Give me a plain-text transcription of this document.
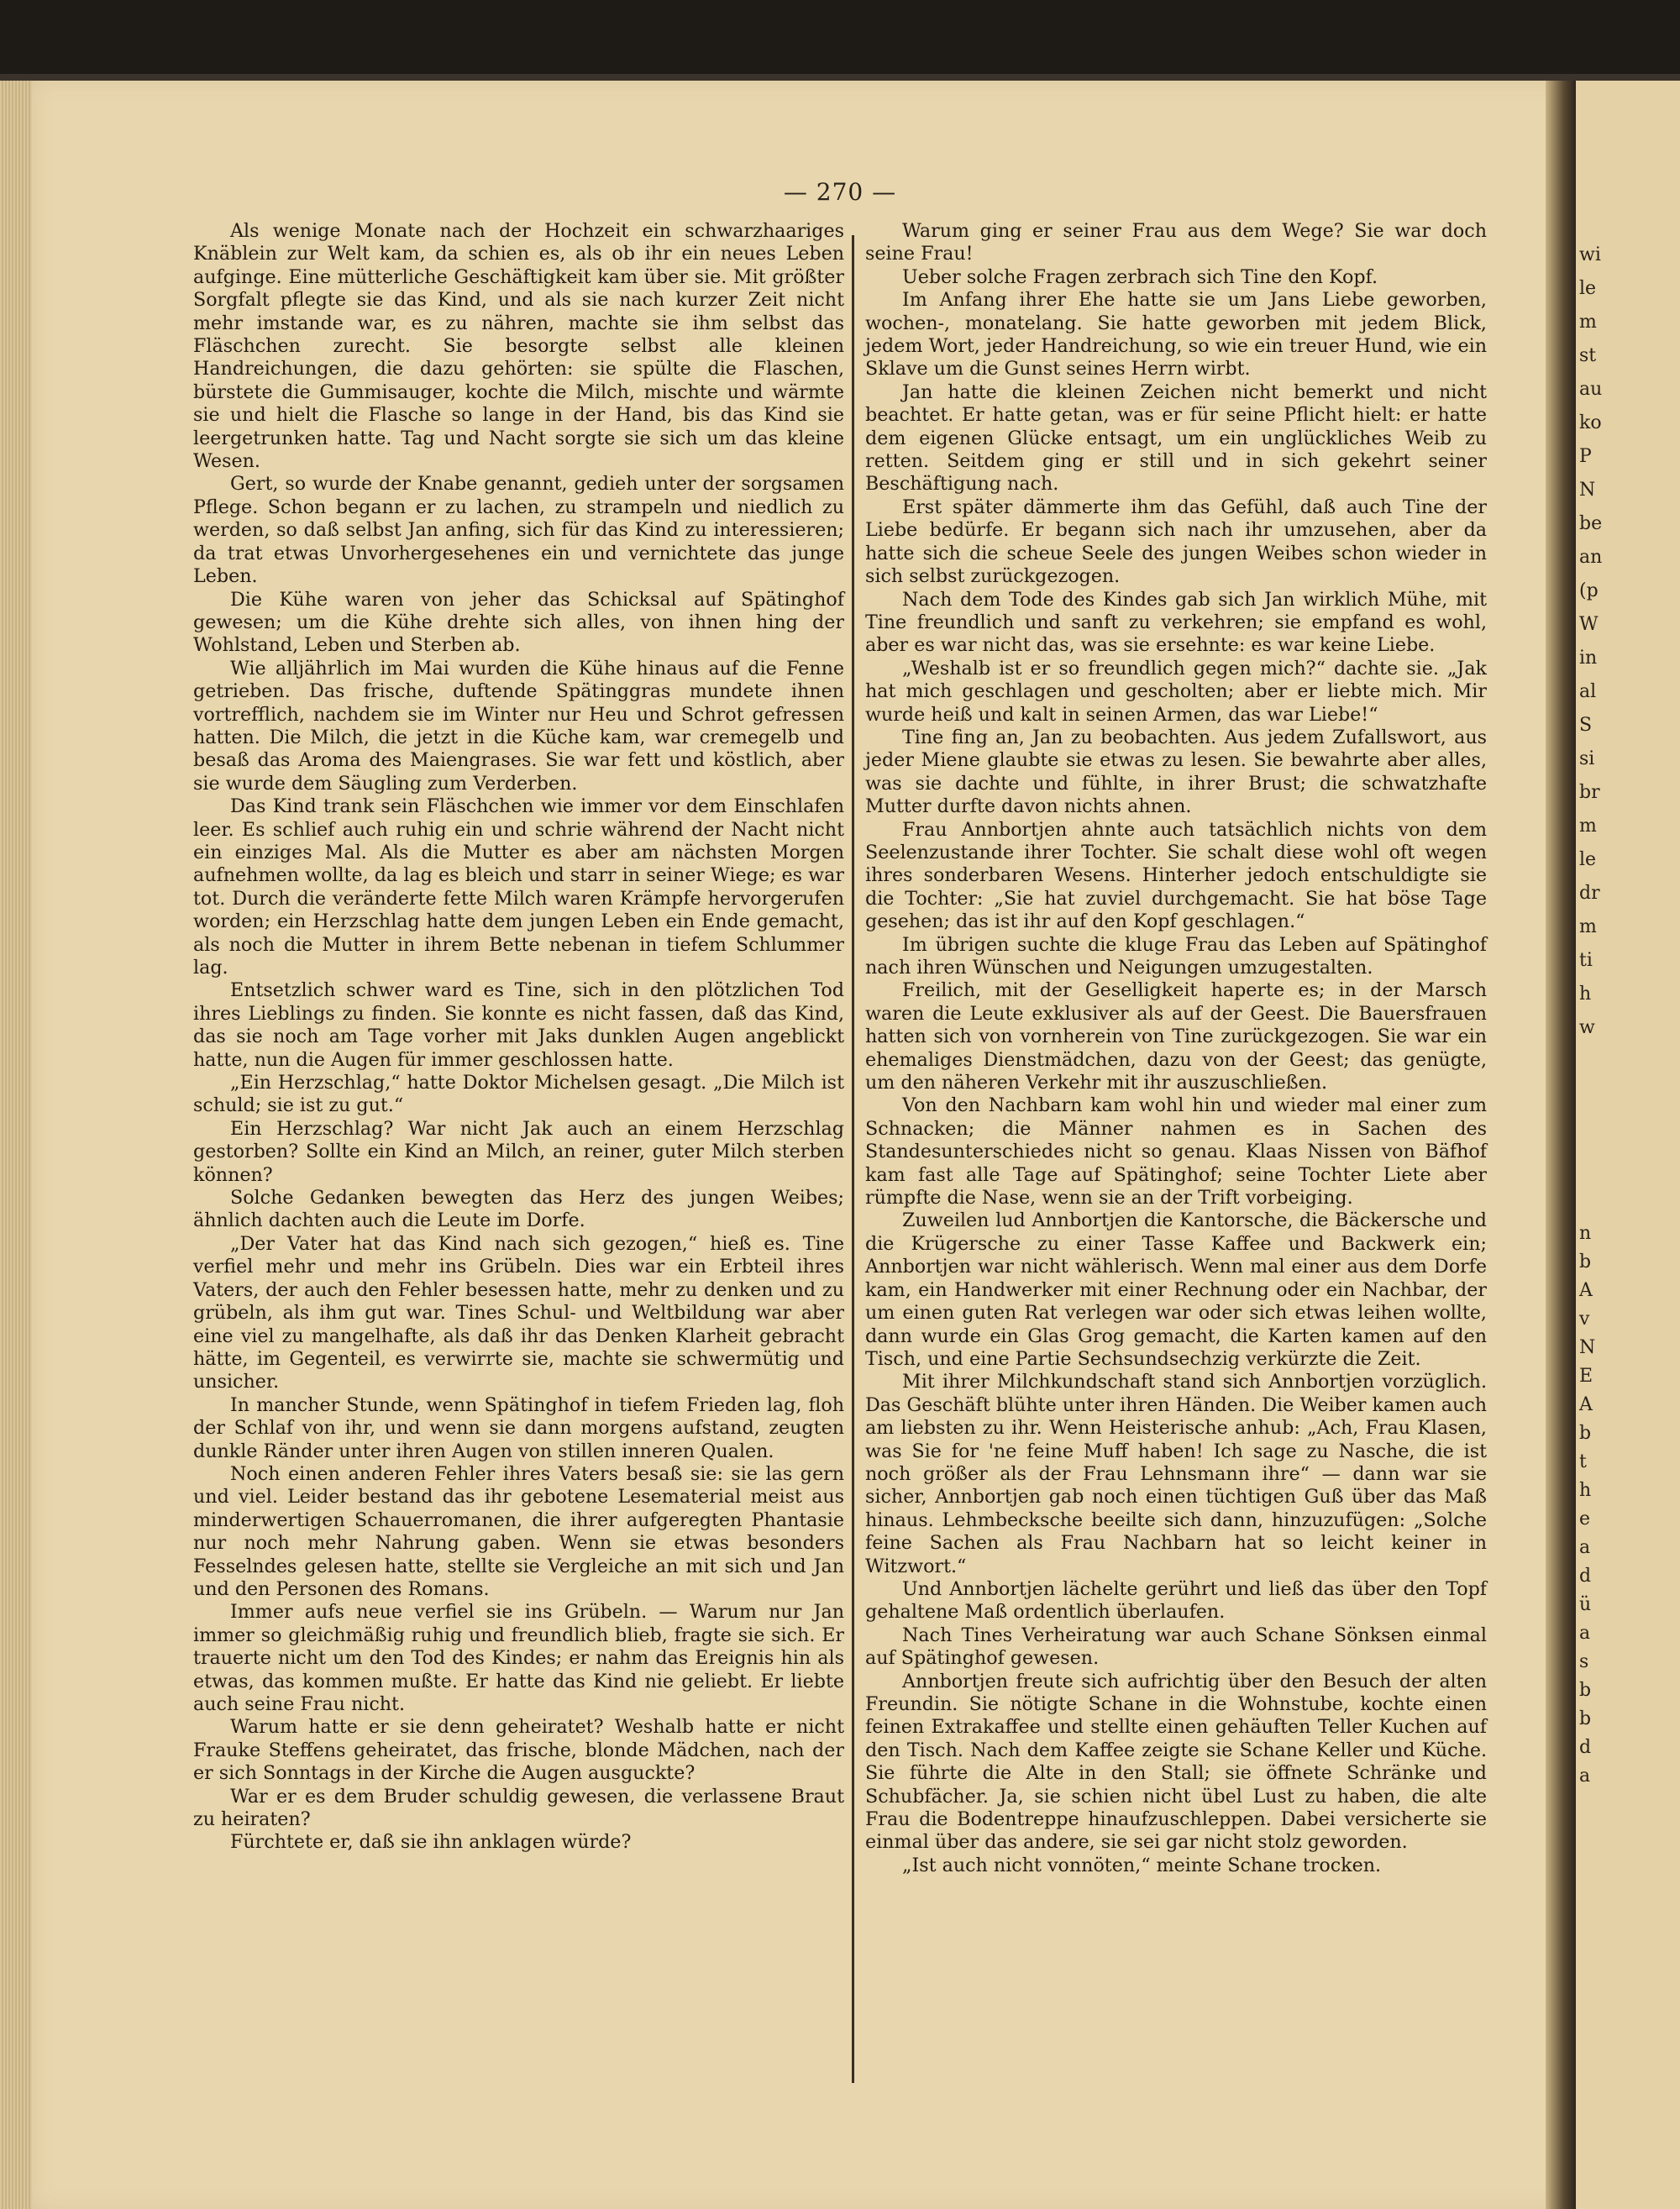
— 270 —

Als wenige Monate nach der Hochzeit ein schwarzhaariges Knäblein zur Welt kam, da schien es, als ob ihr ein neues Leben aufginge. Eine mütterliche Geschäftigkeit kam über sie. Mit größter Sorgfalt pflegte sie das Kind, und als sie nach kurzer Zeit nicht mehr imstande war, es zu nähren, machte sie ihm selbst das Fläschchen zurecht. Sie besorgte selbst alle kleinen Handreichungen, die dazu gehörten: sie spülte die Flaschen, bürstete die Gummisauger, kochte die Milch, mischte und wärmte sie und hielt die Flasche so lange in der Hand, bis das Kind sie leergetrunken hatte. Tag und Nacht sorgte sie sich um das kleine Wesen.

Gert, so wurde der Knabe genannt, gedieh unter der sorgsamen Pflege. Schon begann er zu lachen, zu strampeln und niedlich zu werden, so daß selbst Jan anfing, sich für das Kind zu interessieren; da trat etwas Unvorhergesehenes ein und vernichtete das junge Leben.

Die Kühe waren von jeher das Schicksal auf Spätinghof gewesen; um die Kühe drehte sich alles, von ihnen hing der Wohlstand, Leben und Sterben ab.

Wie alljährlich im Mai wurden die Kühe hinaus auf die Fenne getrieben. Das frische, duftende Spätinggras mundete ihnen vortrefflich, nachdem sie im Winter nur Heu und Schrot gefressen hatten. Die Milch, die jetzt in die Küche kam, war cremegelb und besaß das Aroma des Maiengrases. Sie war fett und köstlich, aber sie wurde dem Säugling zum Verderben.

Das Kind trank sein Fläschchen wie immer vor dem Einschlafen leer. Es schlief auch ruhig ein und schrie während der Nacht nicht ein einziges Mal. Als die Mutter es aber am nächsten Morgen aufnehmen wollte, da lag es bleich und starr in seiner Wiege; es war tot. Durch die veränderte fette Milch waren Krämpfe hervorgerufen worden; ein Herzschlag hatte dem jungen Leben ein Ende gemacht, als noch die Mutter in ihrem Bette nebenan in tiefem Schlummer lag.

Entsetzlich schwer ward es Tine, sich in den plötzlichen Tod ihres Lieblings zu finden. Sie konnte es nicht fassen, daß das Kind, das sie noch am Tage vorher mit Jaks dunklen Augen angeblickt hatte, nun die Augen für immer geschlossen hatte.

„Ein Herzschlag,“ hatte Doktor Michelsen gesagt. „Die Milch ist schuld; sie ist zu gut.“

Ein Herzschlag? War nicht Jak auch an einem Herzschlag gestorben? Sollte ein Kind an Milch, an reiner, guter Milch sterben können?

Solche Gedanken bewegten das Herz des jungen Weibes; ähnlich dachten auch die Leute im Dorfe.

„Der Vater hat das Kind nach sich gezogen,“ hieß es. Tine verfiel mehr und mehr ins Grübeln. Dies war ein Erbteil ihres Vaters, der auch den Fehler besessen hatte, mehr zu denken und zu grübeln, als ihm gut war. Tines Schul- und Weltbildung war aber eine viel zu mangelhafte, als daß ihr das Denken Klarheit gebracht hätte, im Gegenteil, es verwirrte sie, machte sie schwermütig und unsicher.

In mancher Stunde, wenn Spätinghof in tiefem Frieden lag, floh der Schlaf von ihr, und wenn sie dann morgens aufstand, zeugten dunkle Ränder unter ihren Augen von stillen inneren Qualen.

Noch einen anderen Fehler ihres Vaters besaß sie: sie las gern und viel. Leider bestand das ihr gebotene Lesematerial meist aus minderwertigen Schauerromanen, die ihrer aufgeregten Phantasie nur noch mehr Nahrung gaben. Wenn sie etwas besonders Fesselndes gelesen hatte, stellte sie Vergleiche an mit sich und Jan und den Personen des Romans.

Immer aufs neue verfiel sie ins Grübeln. — Warum nur Jan immer so gleichmäßig ruhig und freundlich blieb, fragte sie sich. Er trauerte nicht um den Tod des Kindes; er nahm das Ereignis hin als etwas, das kommen mußte. Er hatte das Kind nie geliebt. Er liebte auch seine Frau nicht.

Warum hatte er sie denn geheiratet? Weshalb hatte er nicht Frauke Steffens geheiratet, das frische, blonde Mädchen, nach der er sich Sonntags in der Kirche die Augen ausguckte?

War er es dem Bruder schuldig gewesen, die verlassene Braut zu heiraten?

Fürchtete er, daß sie ihn anklagen würde?

Warum ging er seiner Frau aus dem Wege? Sie war doch seine Frau!

Ueber solche Fragen zerbrach sich Tine den Kopf.

Im Anfang ihrer Ehe hatte sie um Jans Liebe geworben, wochen-, monatelang. Sie hatte geworben mit jedem Blick, jedem Wort, jeder Handreichung, so wie ein treuer Hund, wie ein Sklave um die Gunst seines Herrn wirbt.

Jan hatte die kleinen Zeichen nicht bemerkt und nicht beachtet. Er hatte getan, was er für seine Pflicht hielt: er hatte dem eigenen Glücke entsagt, um ein unglückliches Weib zu retten. Seitdem ging er still und in sich gekehrt seiner Beschäftigung nach.

Erst später dämmerte ihm das Gefühl, daß auch Tine der Liebe bedürfe. Er begann sich nach ihr umzusehen, aber da hatte sich die scheue Seele des jungen Weibes schon wieder in sich selbst zurückgezogen.

Nach dem Tode des Kindes gab sich Jan wirklich Mühe, mit Tine freundlich und sanft zu verkehren; sie empfand es wohl, aber es war nicht das, was sie ersehnte: es war keine Liebe.

„Weshalb ist er so freundlich gegen mich?“ dachte sie. „Jak hat mich geschlagen und gescholten; aber er liebte mich. Mir wurde heiß und kalt in seinen Armen, das war Liebe!“

Tine fing an, Jan zu beobachten. Aus jedem Zufallswort, aus jeder Miene glaubte sie etwas zu lesen. Sie bewahrte aber alles, was sie dachte und fühlte, in ihrer Brust; die schwatzhafte Mutter durfte davon nichts ahnen.

Frau Annbortjen ahnte auch tatsächlich nichts von dem Seelenzustande ihrer Tochter. Sie schalt diese wohl oft wegen ihres sonderbaren Wesens. Hinterher jedoch entschuldigte sie die Tochter: „Sie hat zuviel durchgemacht. Sie hat böse Tage gesehen; das ist ihr auf den Kopf geschlagen.“

Im übrigen suchte die kluge Frau das Leben auf Spätinghof nach ihren Wünschen und Neigungen umzugestalten.

Freilich, mit der Geselligkeit haperte es; in der Marsch waren die Leute exklusiver als auf der Geest. Die Bauersfrauen hatten sich von vornherein von Tine zurückgezogen. Sie war ein ehemaliges Dienstmädchen, dazu von der Geest; das genügte, um den näheren Verkehr mit ihr auszuschließen.

Von den Nachbarn kam wohl hin und wieder mal einer zum Schnacken; die Männer nahmen es in Sachen des Standesunterschiedes nicht so genau. Klaas Nissen von Bäfhof kam fast alle Tage auf Spätinghof; seine Tochter Liete aber rümpfte die Nase, wenn sie an der Trift vorbeiging.

Zuweilen lud Annbortjen die Kantorsche, die Bäckersche und die Krügersche zu einer Tasse Kaffee und Backwerk ein; Annbortjen war nicht wählerisch. Wenn mal einer aus dem Dorfe kam, ein Handwerker mit einer Rechnung oder ein Nachbar, der um einen guten Rat verlegen war oder sich etwas leihen wollte, dann wurde ein Glas Grog gemacht, die Karten kamen auf den Tisch, und eine Partie Sechsundsechzig verkürzte die Zeit.

Mit ihrer Milchkundschaft stand sich Annbortjen vorzüglich. Das Geschäft blühte unter ihren Händen. Die Weiber kamen auch am liebsten zu ihr. Wenn Heisterische anhub: „Ach, Frau Klasen, was Sie for 'ne feine Muff haben! Ich sage zu Nasche, die ist noch größer als der Frau Lehnsmann ihre“ — dann war sie sicher, Annbortjen gab noch einen tüchtigen Guß über das Maß hinaus. Lehmbecksche beeilte sich dann, hinzuzufügen: „Solche feine Sachen als Frau Nachbarn hat so leicht keiner in Witzwort.“

Und Annbortjen lächelte gerührt und ließ das über den Topf gehaltene Maß ordentlich überlaufen.

Nach Tines Verheiratung war auch Schane Sönksen einmal auf Spätinghof gewesen.

Annbortjen freute sich aufrichtig über den Besuch der alten Freundin. Sie nötigte Schane in die Wohnstube, kochte einen feinen Extrakaffee und stellte einen gehäuften Teller Kuchen auf den Tisch. Nach dem Kaffee zeigte sie Schane Keller und Küche. Sie führte die Alte in den Stall; sie öffnete Schränke und Schubfächer. Ja, sie schien nicht übel Lust zu haben, die alte Frau die Bodentreppe hinaufzuschleppen. Dabei versicherte sie einmal über das andere, sie sei gar nicht stolz geworden.

„Ist auch nicht vonnöten,“ meinte Schane trocken.

wi
le
m
st
au
ko
P
N
be
an
(p
W
in
al
S
si
br
m
le
dr
m
ti
h
w
n
b
A
v
N
E
A
b
t
h
e
a
d
ü
a
s
b
b
d
a
